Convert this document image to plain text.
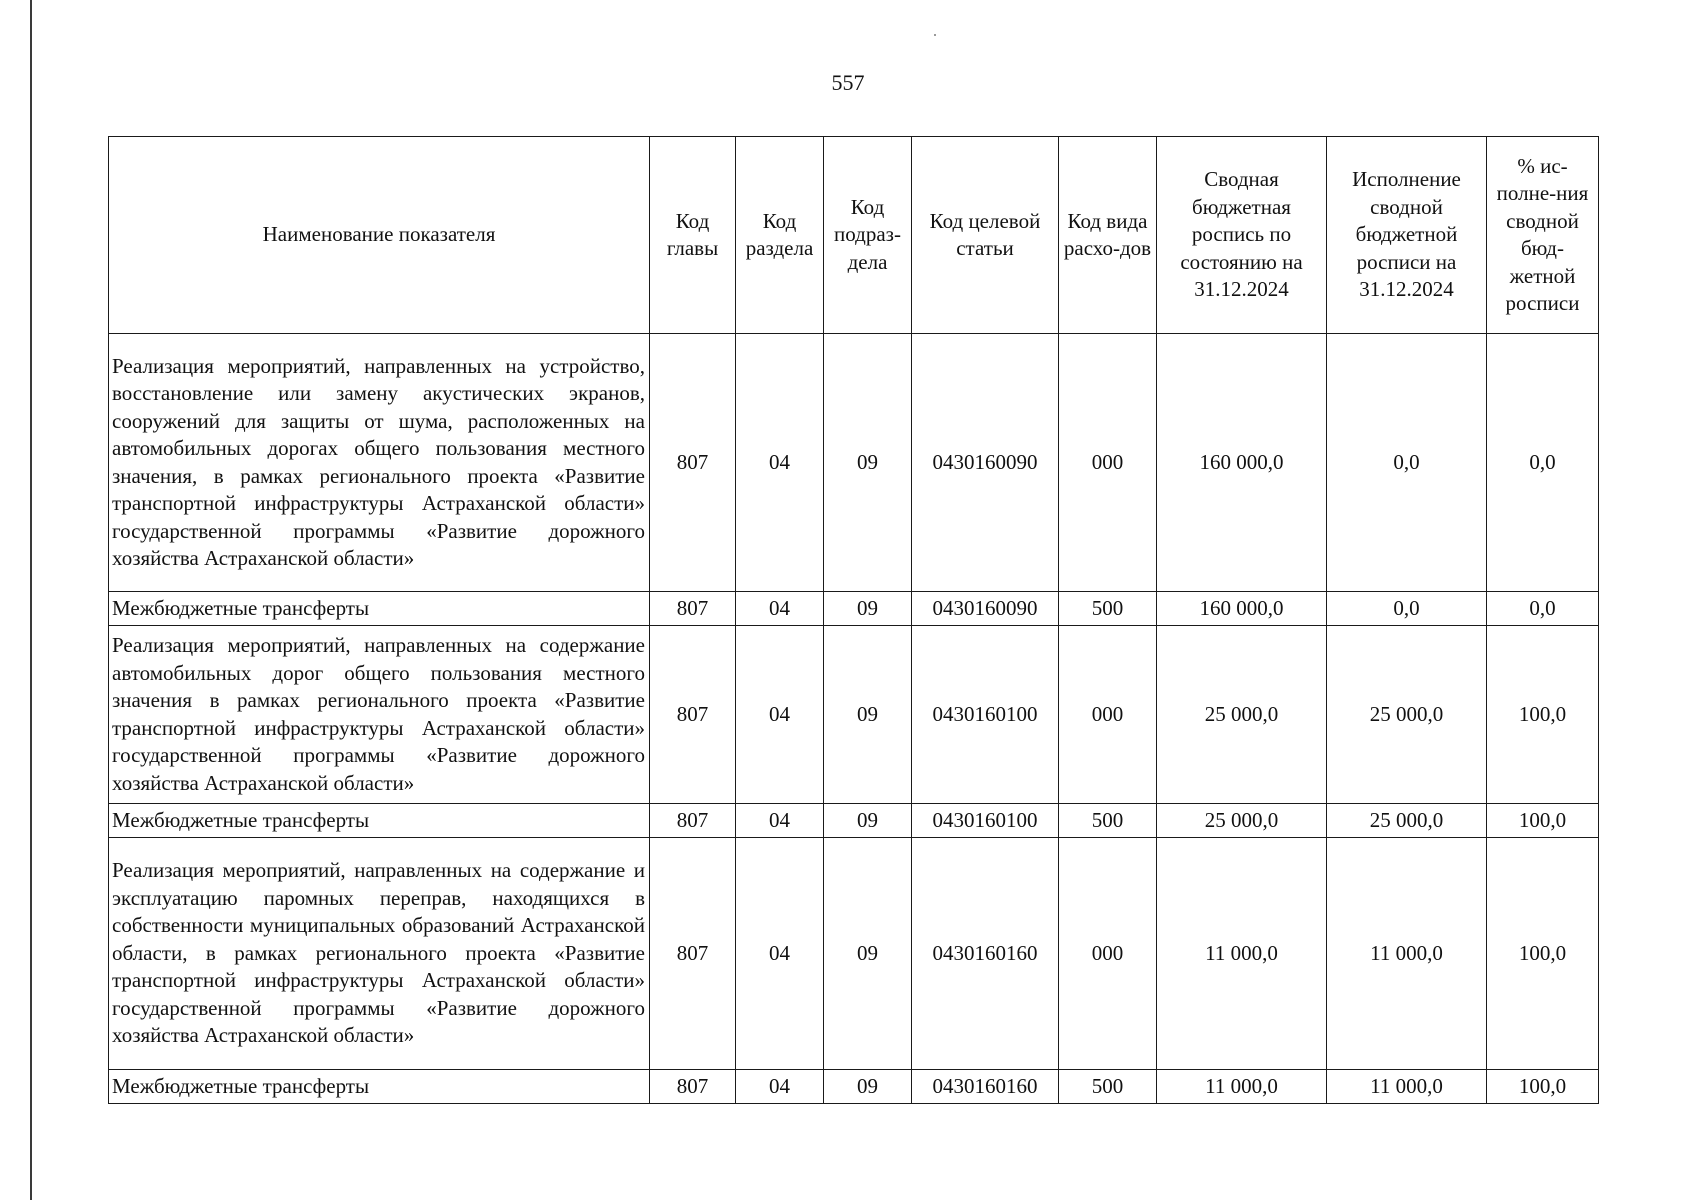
557
Наименование показателя	Код главы	Код раздела	Код подраз-дела	Код целевой статьи	Код вида расхо-дов	Сводная бюджетная роспись по состоянию на 31.12.2024	Исполнение сводной бюджетной росписи на 31.12.2024	% ис-полне-ния сводной бюд-жетной росписи
Реализация мероприятий, направленных на устройство, восстановление или замену акустических экранов, сооружений для защиты от шума, расположенных на автомобильных дорогах общего пользования местного значения, в рамках регионального проекта «Развитие транспортной инфраструктуры Астраханской области» государственной программы «Развитие дорожного хозяйства Астраханской области»	807	04	09	0430160090	000	160 000,0	0,0	0,0
Межбюджетные трансферты	807	04	09	0430160090	500	160 000,0	0,0	0,0
Реализация мероприятий, направленных на содержание автомобильных дорог общего пользования местного значения в рамках регионального проекта «Развитие транспортной инфраструктуры Астраханской области» государственной программы «Развитие дорожного хозяйства Астраханской области»	807	04	09	0430160100	000	25 000,0	25 000,0	100,0
Межбюджетные трансферты	807	04	09	0430160100	500	25 000,0	25 000,0	100,0
Реализация мероприятий, направленных на содержание и эксплуатацию паромных переправ, находящихся в собственности муниципальных образований Астраханской области, в рамках регионального проекта «Развитие транспортной инфраструктуры Астраханской области» государственной программы «Развитие дорожного хозяйства Астраханской области»	807	04	09	0430160160	000	11 000,0	11 000,0	100,0
Межбюджетные трансферты	807	04	09	0430160160	500	11 000,0	11 000,0	100,0
